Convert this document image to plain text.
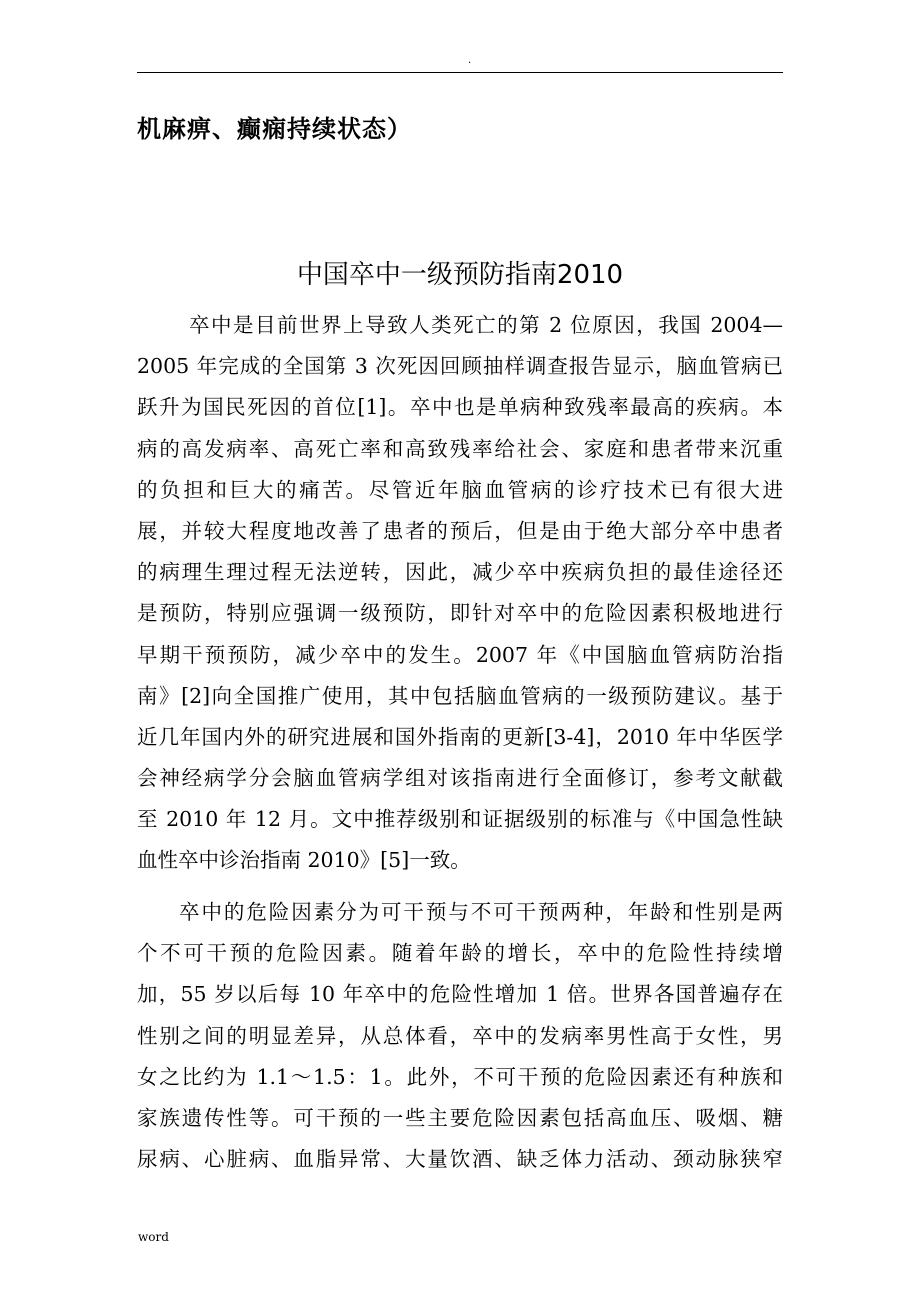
.
机麻痹、癫痫持续状态）
中国卒中一级预防指南2010
卒中是目前世界上导致人类死亡的第 2 位原因，我国 2004—
2005 年完成的全国第 3 次死因回顾抽样调查报告显示，脑血管病已
跃升为国民死因的首位[1]。卒中也是单病种致残率最高的疾病。本
病的高发病率、高死亡率和高致残率给社会、家庭和患者带来沉重
的负担和巨大的痛苦。尽管近年脑血管病的诊疗技术已有很大进
展，并较大程度地改善了患者的预后，但是由于绝大部分卒中患者
的病理生理过程无法逆转，因此，减少卒中疾病负担的最佳途径还
是预防，特别应强调一级预防，即针对卒中的危险因素积极地进行
早期干预预防，减少卒中的发生。2007 年《中国脑血管病防治指
南》[2]向全国推广使用，其中包括脑血管病的一级预防建议。基于
近几年国内外的研究进展和国外指南的更新[3-4]，2010 年中华医学
会神经病学分会脑血管病学组对该指南进行全面修订，参考文献截
至 2010 年 12 月。文中推荐级别和证据级别的标准与《中国急性缺
血性卒中诊治指南 2010》[5]一致。
卒中的危险因素分为可干预与不可干预两种，年龄和性别是两
个不可干预的危险因素。随着年龄的增长，卒中的危险性持续增
加，55 岁以后每 10 年卒中的危险性增加 1 倍。世界各国普遍存在
性别之间的明显差异，从总体看，卒中的发病率男性高于女性，男
女之比约为 1.1～1.5：1。此外，不可干预的危险因素还有种族和
家族遗传性等。可干预的一些主要危险因素包括高血压、吸烟、糖
尿病、心脏病、血脂异常、大量饮酒、缺乏体力活动、颈动脉狭窄
word
